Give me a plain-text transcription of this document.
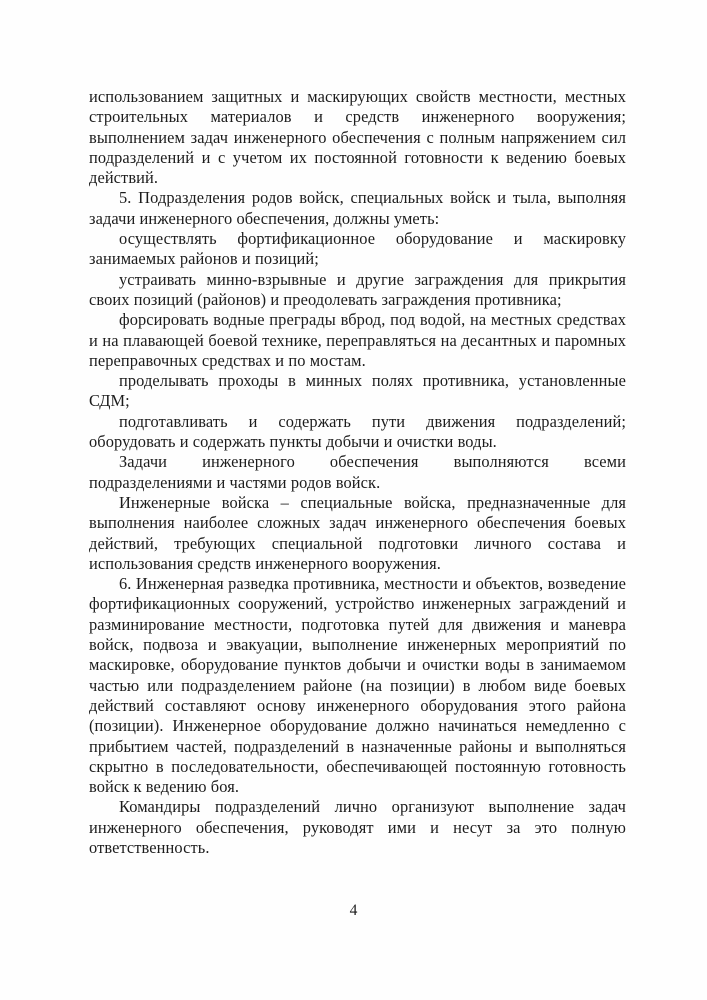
использованием защитных и маскирующих свойств местности, местных строительных материалов и средств инженерного вооружения; выполнением задач инженерного обеспечения с полным напряжением сил подразделений и с учетом их постоянной готовности к ведению боевых действий.

5. Подразделения родов войск, специальных войск и тыла, выполняя задачи инженерного обеспечения, должны уметь:

осуществлять фортификационное оборудование и маскировку занимаемых районов и позиций;

устраивать минно-взрывные и другие заграждения для прикрытия своих позиций (районов) и преодолевать заграждения противника;

форсировать водные преграды вброд, под водой, на местных средствах и на плавающей боевой технике, переправляться на десантных и паромных переправочных средствах и по мостам.

проделывать проходы в минных полях противника, установленные СДМ;

подготавливать и содержать пути движения подразделений; оборудовать и содержать пункты добычи и очистки воды.

Задачи инженерного обеспечения выполняются всеми подразделениями и частями родов войск.

Инженерные войска – специальные войска, предназначенные для выполнения наиболее сложных задач инженерного обеспечения боевых действий, требующих специальной подготовки личного состава и использования средств инженерного вооружения.

6. Инженерная разведка противника, местности и объектов, возведение фортификационных сооружений, устройство инженерных заграждений и разминирование местности, подготовка путей для движения и маневра войск, подвоза и эвакуации, выполнение инженерных мероприятий по маскировке, оборудование пунктов добычи и очистки воды в занимаемом частью или подразделением районе (на позиции) в любом виде боевых действий составляют основу инженерного оборудования этого района (позиции). Инженерное оборудование должно начинаться немедленно с прибытием частей, подразделений в назначенные районы и выполняться скрытно в последовательности, обеспечивающей постоянную готовность войск к ведению боя.

Командиры подразделений лично организуют выполнение задач инженерного обеспечения, руководят ими и несут за это полную ответственность.

4
